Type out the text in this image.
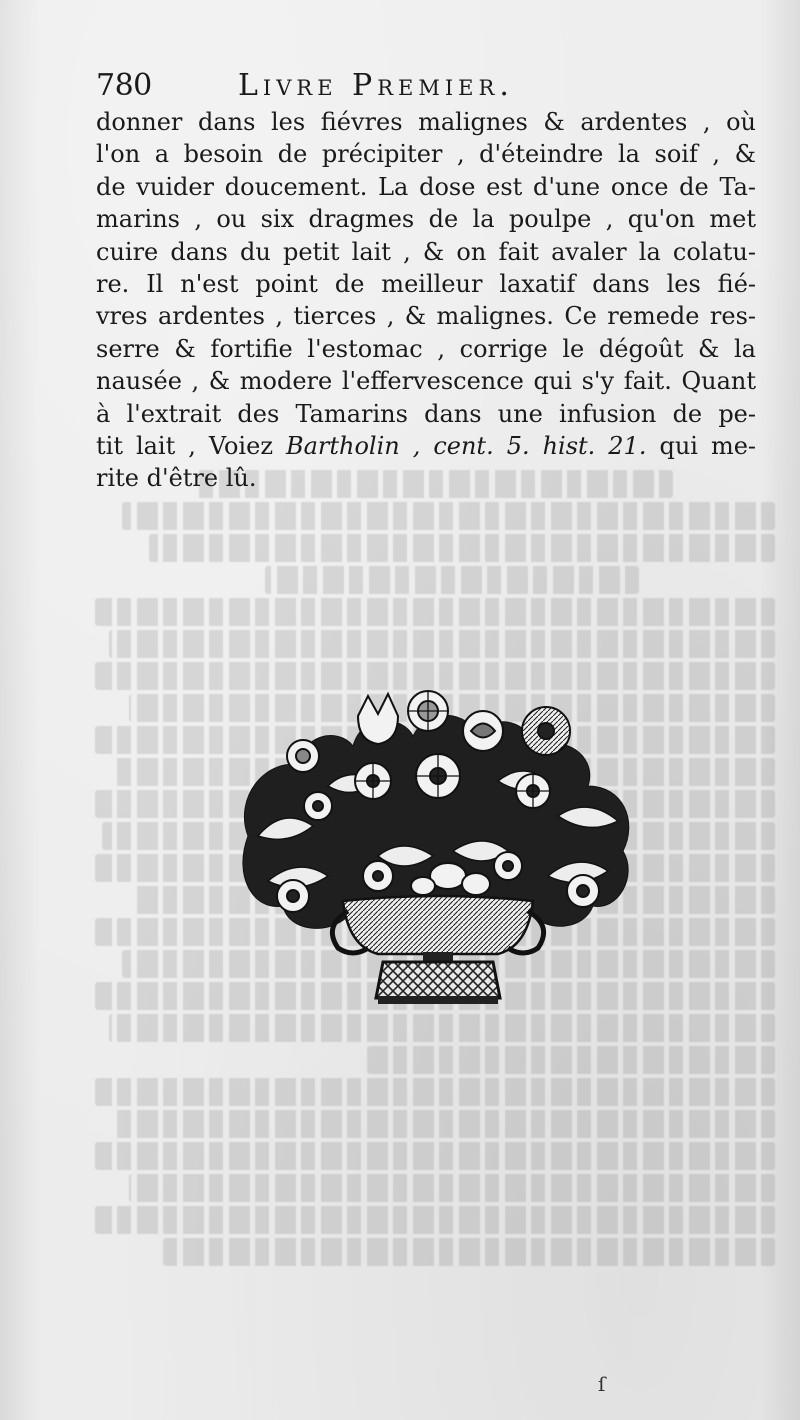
780	Livre Premier.
donner dans les fiévres malignes & ardentes , où
l'on a besoin de précipiter , d'éteindre la soif , &
de vuider doucement. La dose est d'une once de Ta-
marins , ou six dragmes de la poulpe , qu'on met
cuire dans du petit lait , & on fait avaler la colatu-
re. Il n'est point de meilleur laxatif dans les fié-
vres ardentes , tierces , & malignes. Ce remede res-
serre & fortifie l'estomac , corrige le dégoût & la
nausée , & modere l'effervescence qui s'y fait. Quant
à l'extrait des Tamarins dans une infusion de pe-
tit lait , Voiez Bartholin , cent. 5. hist. 21. qui me-
rite d'être lû.
ſ
